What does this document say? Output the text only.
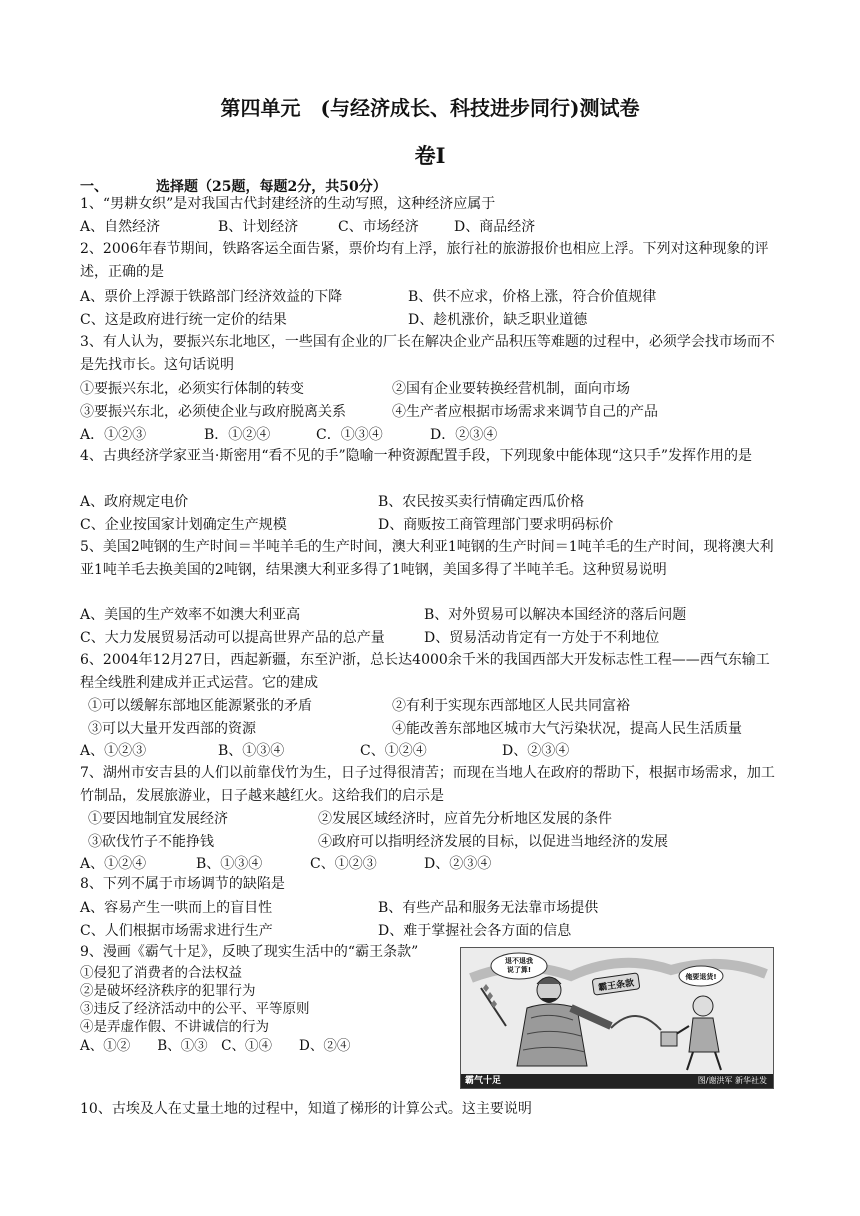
第四单元　(与经济成长、科技进步同行)测试卷
卷Ⅰ
一、	选择题（25题，每题2分，共50分）
1、“男耕女织”是对我国古代封建经济的生动写照，这种经济应属于
A、自然经济	B、计划经济	C、市场经济	D、商品经济
2、2006年春节期间，铁路客运全面告紧，票价均有上浮，旅行社的旅游报价也相应上浮。下列对这种现象的评述，正确的是
A、票价上浮源于铁路部门经济效益的下降	B、供不应求，价格上涨，符合价值规律
C、这是政府进行统一定价的结果	D、趁机涨价，缺乏职业道德
3、有人认为，要振兴东北地区，一些国有企业的厂长在解决企业产品积压等难题的过程中，必须学会找市场而不是先找市长。这句话说明
①要振兴东北，必须实行体制的转变	②国有企业要转换经营机制，面向市场
③要振兴东北，必须使企业与政府脱离关系	④生产者应根据市场需求来调节自己的产品
A．①②③	B．①②④	C．①③④	D．②③④
4、古典经济学家亚当·斯密用“看不见的手”隐喻一种资源配置手段，下列现象中能体现“这只手”发挥作用的是
A、政府规定电价	B、农民按买卖行情确定西瓜价格
C、企业按国家计划确定生产规模	D、商贩按工商管理部门要求明码标价
5、美国2吨钢的生产时间＝半吨羊毛的生产时间，澳大利亚1吨钢的生产时间＝1吨羊毛的生产时间，现将澳大利亚1吨羊毛去换美国的2吨钢，结果澳大利亚多得了1吨钢，美国多得了半吨羊毛。这种贸易说明
A、美国的生产效率不如澳大利亚高	B、对外贸易可以解决本国经济的落后问题
C、大力发展贸易活动可以提高世界产品的总产量	D、贸易活动肯定有一方处于不利地位
6、2004年12月27日，西起新疆，东至沪浙，总长达4000余千米的我国西部大开发标志性工程——西气东输工程全线胜利建成并正式运营。它的建成
①可以缓解东部地区能源紧张的矛盾	②有利于实现东西部地区人民共同富裕
③可以大量开发西部的资源	④能改善东部地区城市大气污染状况，提高人民生活质量
A、①②③	B、①③④	C、①②④	D、②③④
7、湖州市安吉县的人们以前靠伐竹为生，日子过得很清苦；而现在当地人在政府的帮助下，根据市场需求，加工竹制品，发展旅游业，日子越来越红火。这给我们的启示是
①要因地制宜发展经济	②发展区域经济时，应首先分析地区发展的条件
③砍伐竹子不能挣钱	④政府可以指明经济发展的目标，以促进当地经济的发展
A、①②④	B、①③④	C、①②③	D、②③④
8、下列不属于市场调节的缺陷是
A、容易产生一哄而上的盲目性	B、有些产品和服务无法靠市场提供
C、人们根据市场需求进行生产	D、难于掌握社会各方面的信息
9、漫画《霸气十足》，反映了现实生活中的“霸王条款”
①侵犯了消费者的合法权益
②是破坏经济秩序的犯罪行为
③违反了经济活动中的公平、平等原则
④是弄虚作假、不讲诚信的行为
A、①②　　B、①③　C、①④　　D、②④
退不退我
说了算!
俺要退货!
霸王条款
霸气十足	图/谢洪军 新华社发
10、古埃及人在丈量土地的过程中，知道了梯形的计算公式。这主要说明
